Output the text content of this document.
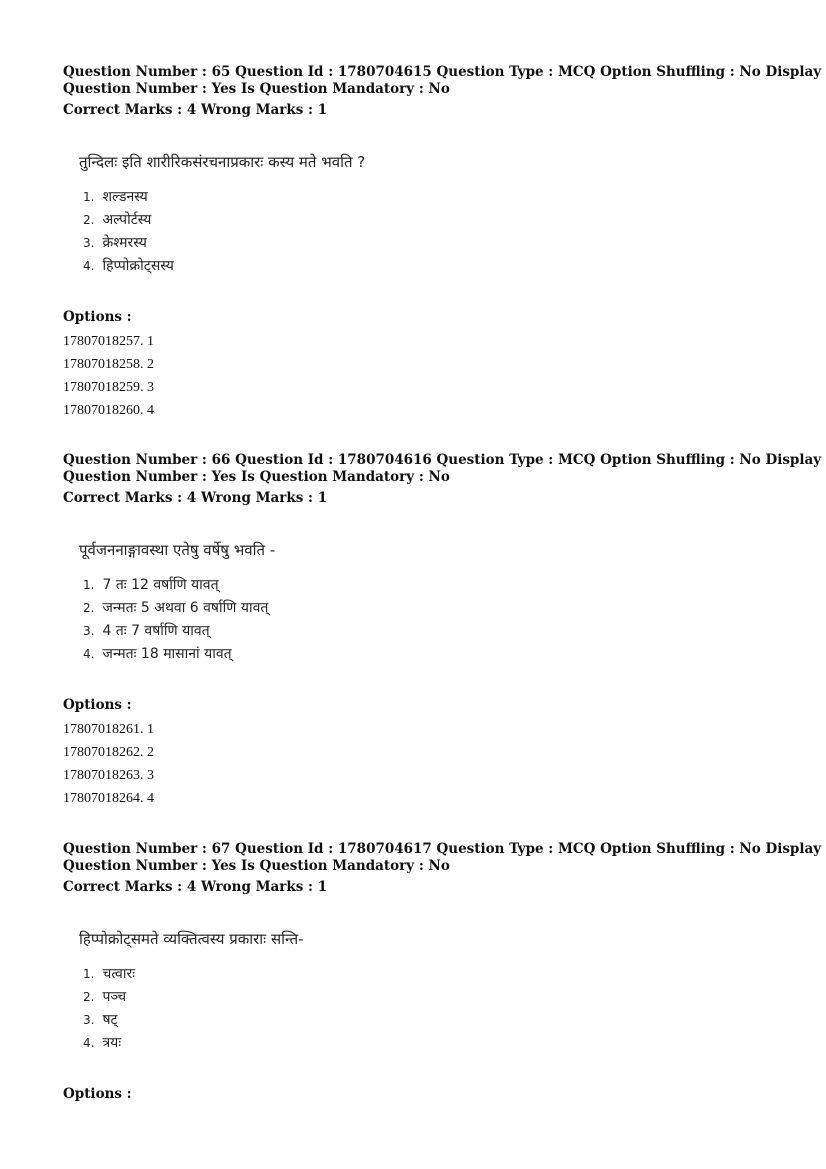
Question Number : 65 Question Id : 1780704615 Question Type : MCQ Option Shuffling : No Display
Question Number : Yes Is Question Mandatory : No
Correct Marks : 4 Wrong Marks : 1
तुन्दिलः इति शारीरिकसंरचनाप्रकारः कस्य मते भवति ?
1. शल्डनस्य
2. अल्पोर्टस्य
3. क्रेश्मरस्य
4. हिप्पोक्रोट्सस्य
Options :
17807018257. 1
17807018258. 2
17807018259. 3
17807018260. 4
Question Number : 66 Question Id : 1780704616 Question Type : MCQ Option Shuffling : No Display
Question Number : Yes Is Question Mandatory : No
Correct Marks : 4 Wrong Marks : 1
पूर्वजननाङ्गावस्था एतेषु वर्षेषु भवति -
1. 7 तः 12 वर्षाणि यावत्
2. जन्मतः 5 अथवा 6 वर्षाणि यावत्
3. 4 तः 7 वर्षाणि यावत्
4. जन्मतः 18 मासानां यावत्
Options :
17807018261. 1
17807018262. 2
17807018263. 3
17807018264. 4
Question Number : 67 Question Id : 1780704617 Question Type : MCQ Option Shuffling : No Display
Question Number : Yes Is Question Mandatory : No
Correct Marks : 4 Wrong Marks : 1
हिप्पोक्रोट्समते व्यक्तित्वस्य प्रकाराः सन्ति-
1. चत्वारः
2. पञ्च
3. षट्
4. त्रयः
Options :
